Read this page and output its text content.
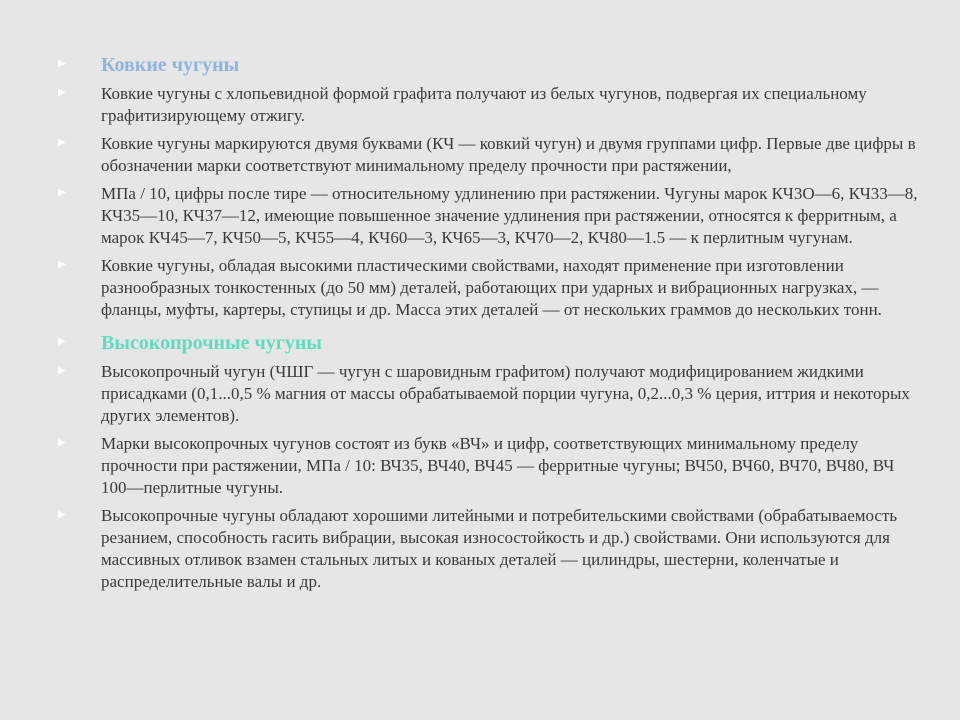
▶ Ковкие чугуны
▶ Ковкие чугуны с хлопьевидной формой графита получают из белых чугунов, подвергая их специальному графитизирующему отжигу.
▶ Ковкие чугуны маркируются двумя буквами (КЧ — ковкий чугун) и двумя группами цифр. Первые две цифры в обозначении марки соответствуют минимальному пределу прочности при растяжении,
▶ МПа / 10, цифры после тире — относительному удлинению при растяжении. Чугуны марок КЧ3О—6, КЧ33—8, КЧ35—10, КЧ37—12, имеющие повышенное значение удлинения при растяжении, относятся к ферритным, а марок КЧ45—7, КЧ50—5, КЧ55—4, КЧ60—3, КЧ65—3, КЧ70—2, КЧ80—1.5 — к перлитным чугунам.
▶ Ковкие чугуны, обладая высокими пластическими свойствами, находят применение при изготовлении разнообразных тонкостенных (до 50 мм) деталей, работающих при ударных и вибрационных нагрузках, — фланцы, муфты, картеры, ступицы и др. Масса этих деталей — от нескольких граммов до нескольких тонн.
▶ Высокопрочные чугуны
▶ Высокопрочный чугун (ЧШГ — чугун с шаровидным графитом) получают модифицированием жидкими присадками (0,1...0,5 % магния от массы обрабатываемой порции чугуна, 0,2...0,3 % церия, иттрия и некоторых других элементов).
▶ Марки высокопрочных чугунов состоят из букв «ВЧ» и цифр, соответствующих минимальному пределу прочности при растяжении, МПа / 10: ВЧ35, ВЧ40, ВЧ45 — ферритные чугуны; ВЧ50, ВЧ60, ВЧ70, ВЧ80, ВЧ 100—перлитные чугуны.
▶ Высокопрочные чугуны обладают хорошими литейными и потребительскими свойствами (обрабатываемость резанием, способность гасить вибрации, высокая износостойкость и др.) свойствами. Они используются для массивных отливок взамен стальных литых и кованых деталей — цилиндры, шестерни, коленчатые и распределительные валы и др.
